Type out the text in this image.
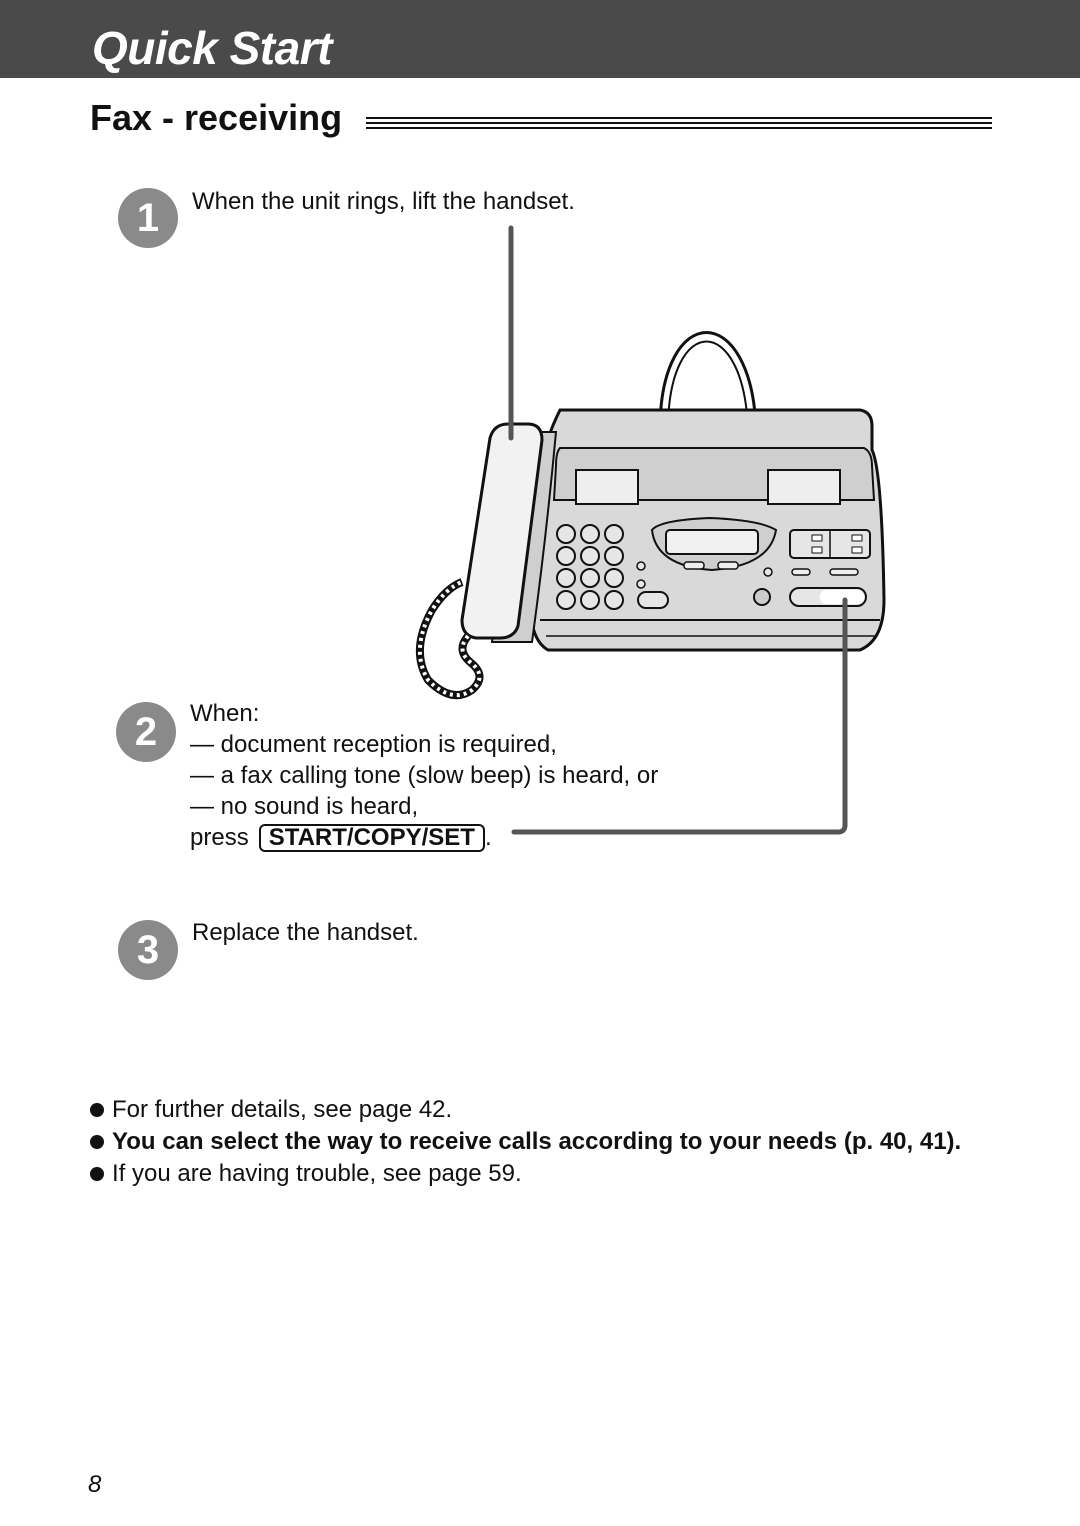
Quick Start
Fax - receiving
1	When the unit rings, lift the handset.
2	When:
— document reception is required,
— a fax calling tone (slow beep) is heard, or
— no sound is heard,
press START/COPY/SET .
3	Replace the handset.
For further details, see page 42.
You can select the way to receive calls according to your needs (p. 40, 41).
If you are having trouble, see page 59.
8
